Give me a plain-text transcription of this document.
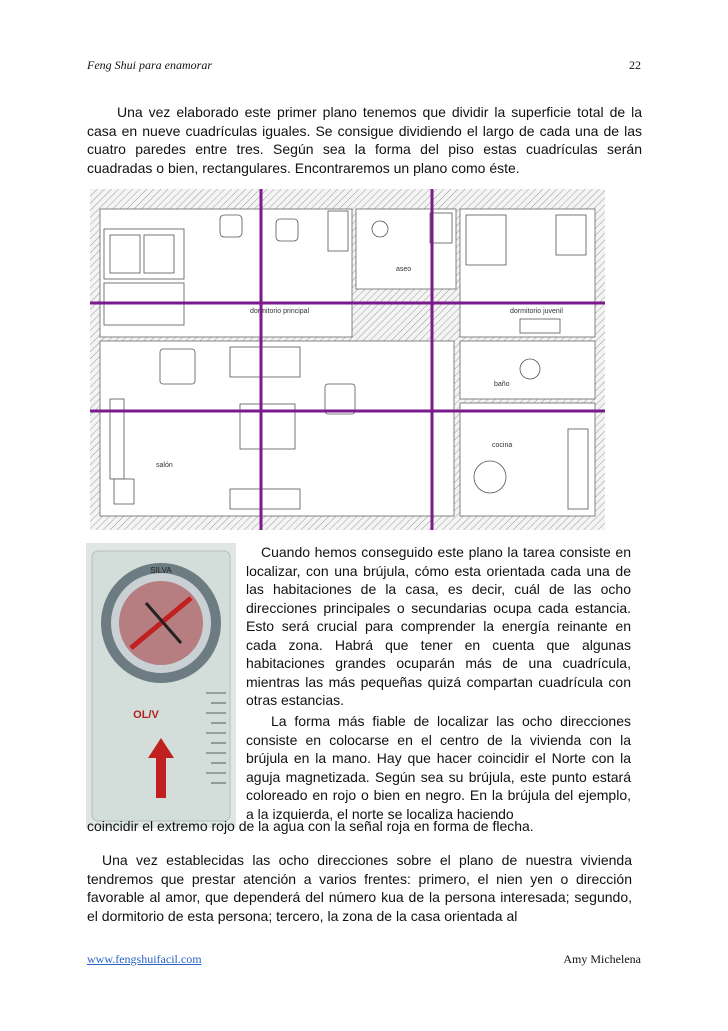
Feng Shui para enamorar	22

Una vez elaborado este primer plano tenemos que dividir la superficie total de la casa en nueve cuadrículas iguales. Se consigue dividiendo el largo de cada una de las cuatro paredes entre tres. Según sea la forma del piso estas cuadrículas serán cuadradas o bien, rectangulares. Encontraremos un plano como éste.

dormitorio principal
aseo
dormitorio juvenil
baño
salón
cocina
SILVA
OL/V

Cuando hemos conseguido este plano la tarea consiste en localizar, con una brújula, cómo esta orientada cada una de las habitaciones de la casa, es decir, cuál de las ocho direcciones principales o secundarias ocupa cada estancia. Esto será crucial para comprender la energía reinante en cada zona. Habrá que tener en cuenta que algunas habitaciones grandes ocuparán más de una cuadrícula, mientras las más pequeñas quizá compartan cuadrícula con otras estancias.

La forma más fiable de localizar las ocho direcciones consiste en colocarse en el centro de la vivienda con la brújula en la mano. Hay que hacer coincidir el Norte con la aguja magnetizada. Según sea su brújula, este punto estará coloreado en rojo o bien en negro. En la brújula del ejemplo, a la izquierda, el norte se localiza haciendo

coincidir el extremo rojo de la agua con la señal roja en forma de flecha.

Una vez establecidas las ocho direcciones sobre el plano de nuestra vivienda tendremos que prestar atención a varios frentes: primero, el nien yen o dirección favorable al amor, que dependerá del número kua de la persona interesada; segundo, el dormitorio de esta persona; tercero, la zona de la casa orientada al

www.fengshuifacil.com	Amy Michelena
